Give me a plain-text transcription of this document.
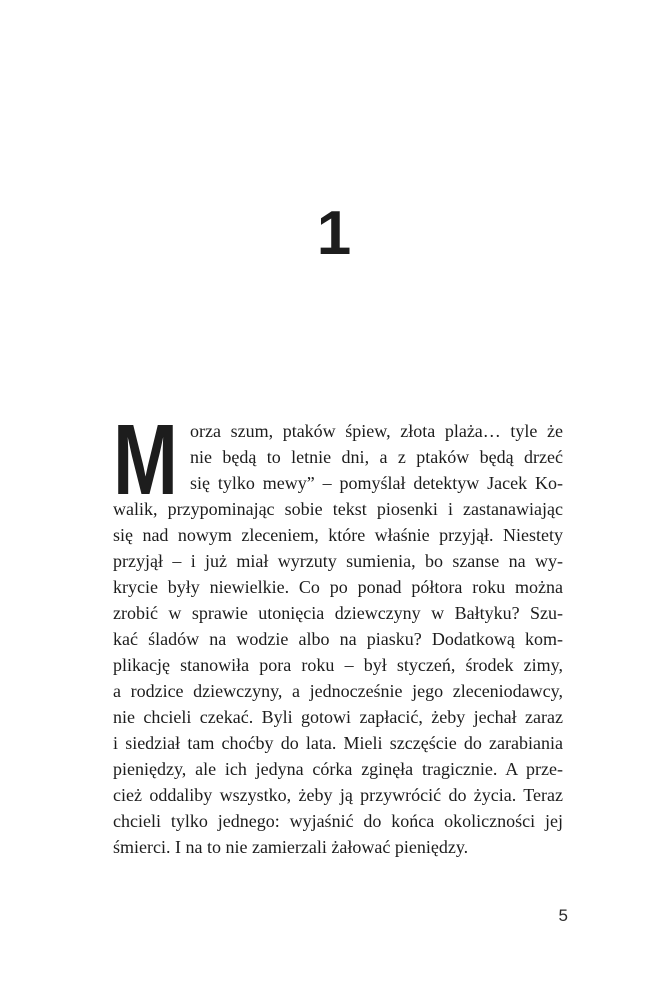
1
M orza szum, ptaków śpiew, złota plaża… tyle że
nie będą to letnie dni, a z ptaków będą drzeć
się tylko mewy” – pomyślał detektyw Jacek Ko-
walik, przypominając sobie tekst piosenki i zastanawiając
się nad nowym zleceniem, które właśnie przyjął. Niestety
przyjął – i już miał wyrzuty sumienia, bo szanse na wy-
krycie były niewielkie. Co po ponad półtora roku można
zrobić w sprawie utonięcia dziewczyny w Bałtyku? Szu-
kać śladów na wodzie albo na piasku? Dodatkową kom-
plikację stanowiła pora roku – był styczeń, środek zimy,
a rodzice dziewczyny, a jednocześnie jego zleceniodawcy,
nie chcieli czekać. Byli gotowi zapłacić, żeby jechał zaraz
i siedział tam choćby do lata. Mieli szczęście do zarabiania
pieniędzy, ale ich jedyna córka zginęła tragicznie. A prze-
cież oddaliby wszystko, żeby ją przywrócić do życia. Teraz
chcieli tylko jednego: wyjaśnić do końca okoliczności jej
śmierci. I na to nie zamierzali żałować pieniędzy.
5
